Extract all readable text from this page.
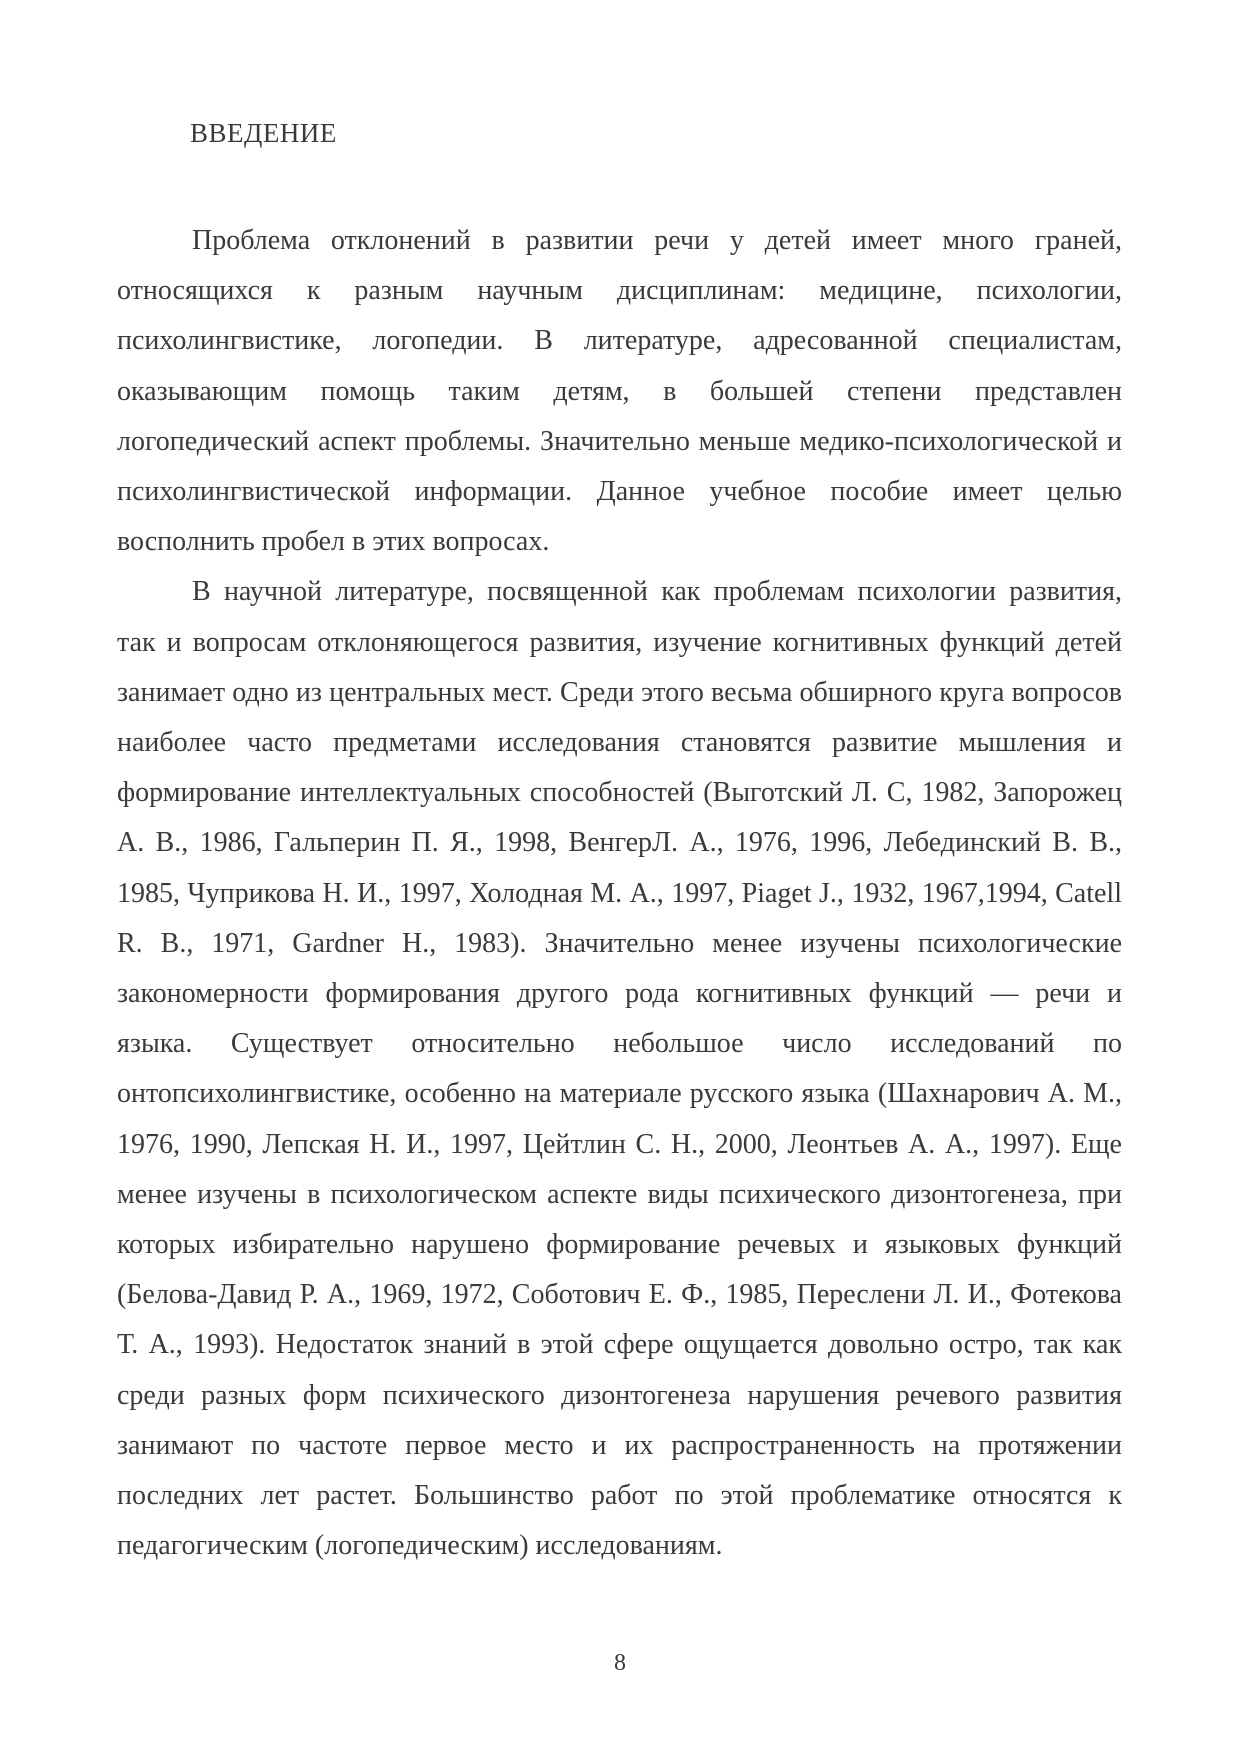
ВВЕДЕНИЕ

Проблема отклонений в развитии речи у детей имеет много граней, относящихся к разным научным дисциплинам: медицине, психологии, психолингвистике, логопедии. В литературе, адресованной специалистам, оказывающим помощь таким детям, в большей степени представлен логопедический аспект проблемы. Значительно меньше медико-психологической и психолингвистической информации. Данное учебное пособие имеет целью восполнить пробел в этих вопросах.

В научной литературе, посвященной как проблемам психологии развития, так и вопросам отклоняющегося развития, изучение когнитивных функций детей занимает одно из центральных мест. Среди этого весьма обширного круга вопросов наиболее часто предметами исследования становятся развитие мышления и формирование интеллектуальных способностей (Выготский Л. С, 1982, Запорожец А. В., 1986, Гальперин П. Я., 1998, ВенгерЛ. А., 1976, 1996, Лебединский В. В., 1985, Чуприкова Н. И., 1997, Холодная М. А., 1997, Piaget J., 1932, 1967,1994, Catell R. B., 1971, Gardner H., 1983). Значительно менее изучены психологические закономерности формирования другого рода когнитивных функций — речи и языка. Существует относительно небольшое число исследований по онтопсихолингвистике, особенно на материале русского языка (Шахнарович А. М., 1976, 1990, Лепская Н. И., 1997, Цейтлин С. Н., 2000, Леонтьев А. А., 1997). Еще менее изучены в психологическом аспекте виды психического дизонтогенеза, при которых избирательно нарушено формирование речевых и языковых функций (Белова-Давид Р. А., 1969, 1972, Соботович Е. Ф., 1985, Переслени Л. И., Фотекова Т. А., 1993). Недостаток знаний в этой сфере ощущается довольно остро, так как среди разных форм психического дизонтогенеза нарушения речевого развития занимают по частоте первое место и их распространенность на протяжении последних лет растет. Большинство работ по этой проблематике относятся к педагогическим (логопедическим) исследованиям.

8
